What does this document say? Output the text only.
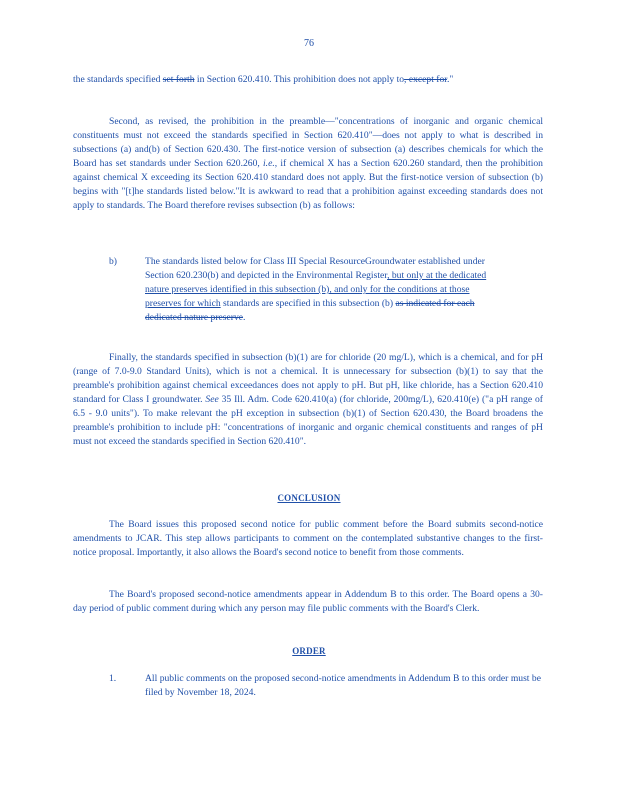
76
the standards specified set forth in Section 620.410. This prohibition does not apply to, except for."
Second, as revised, the prohibition in the preamble—"concentrations of inorganic and organic chemical constituents must not exceed the standards specified in Section 620.410"—does not apply to what is described in subsections (a) and(b) of Section 620.430. The first-notice version of subsection (a) describes chemicals for which the Board has set standards under Section 620.260, i.e., if chemical X has a Section 620.260 standard, then the prohibition against chemical X exceeding its Section 620.410 standard does not apply. But the first-notice version of subsection (b) begins with "[t]he standards listed below."It is awkward to read that a prohibition against exceeding standards does not apply to standards. The Board therefore revises subsection (b) as follows:
b)	The standards listed below for Class III Special ResourceGroundwater established under Section 620.230(b) and depicted in the Environmental Register, but only at the dedicated nature preserves identified in this subsection (b), and only for the conditions at those preserves for which standards are specified in this subsection (b) as indicated for each dedicated nature preserve.
Finally, the standards specified in subsection (b)(1) are for chloride (20 mg/L), which is a chemical, and for pH (range of 7.0-9.0 Standard Units), which is not a chemical. It is unnecessary for subsection (b)(1) to say that the preamble's prohibition against chemical exceedances does not apply to pH. But pH, like chloride, has a Section 620.410 standard for Class I groundwater. See 35 Ill. Adm. Code 620.410(a) (for chloride, 200mg/L), 620.410(e) ("a pH range of 6.5 - 9.0 units"). To make relevant the pH exception in subsection (b)(1) of Section 620.430, the Board broadens the preamble's prohibition to include pH: "concentrations of inorganic and organic chemical constituents and ranges of pH must not exceed the standards specified in Section 620.410".
CONCLUSION
The Board issues this proposed second notice for public comment before the Board submits second-notice amendments to JCAR. This step allows participants to comment on the contemplated substantive changes to the first-notice proposal. Importantly, it also allows the Board's second notice to benefit from those comments.
The Board's proposed second-notice amendments appear in Addendum B to this order. The Board opens a 30-day period of public comment during which any person may file public comments with the Board's Clerk.
ORDER
1.	All public comments on the proposed second-notice amendments in Addendum B to this order must be filed by November 18, 2024.
